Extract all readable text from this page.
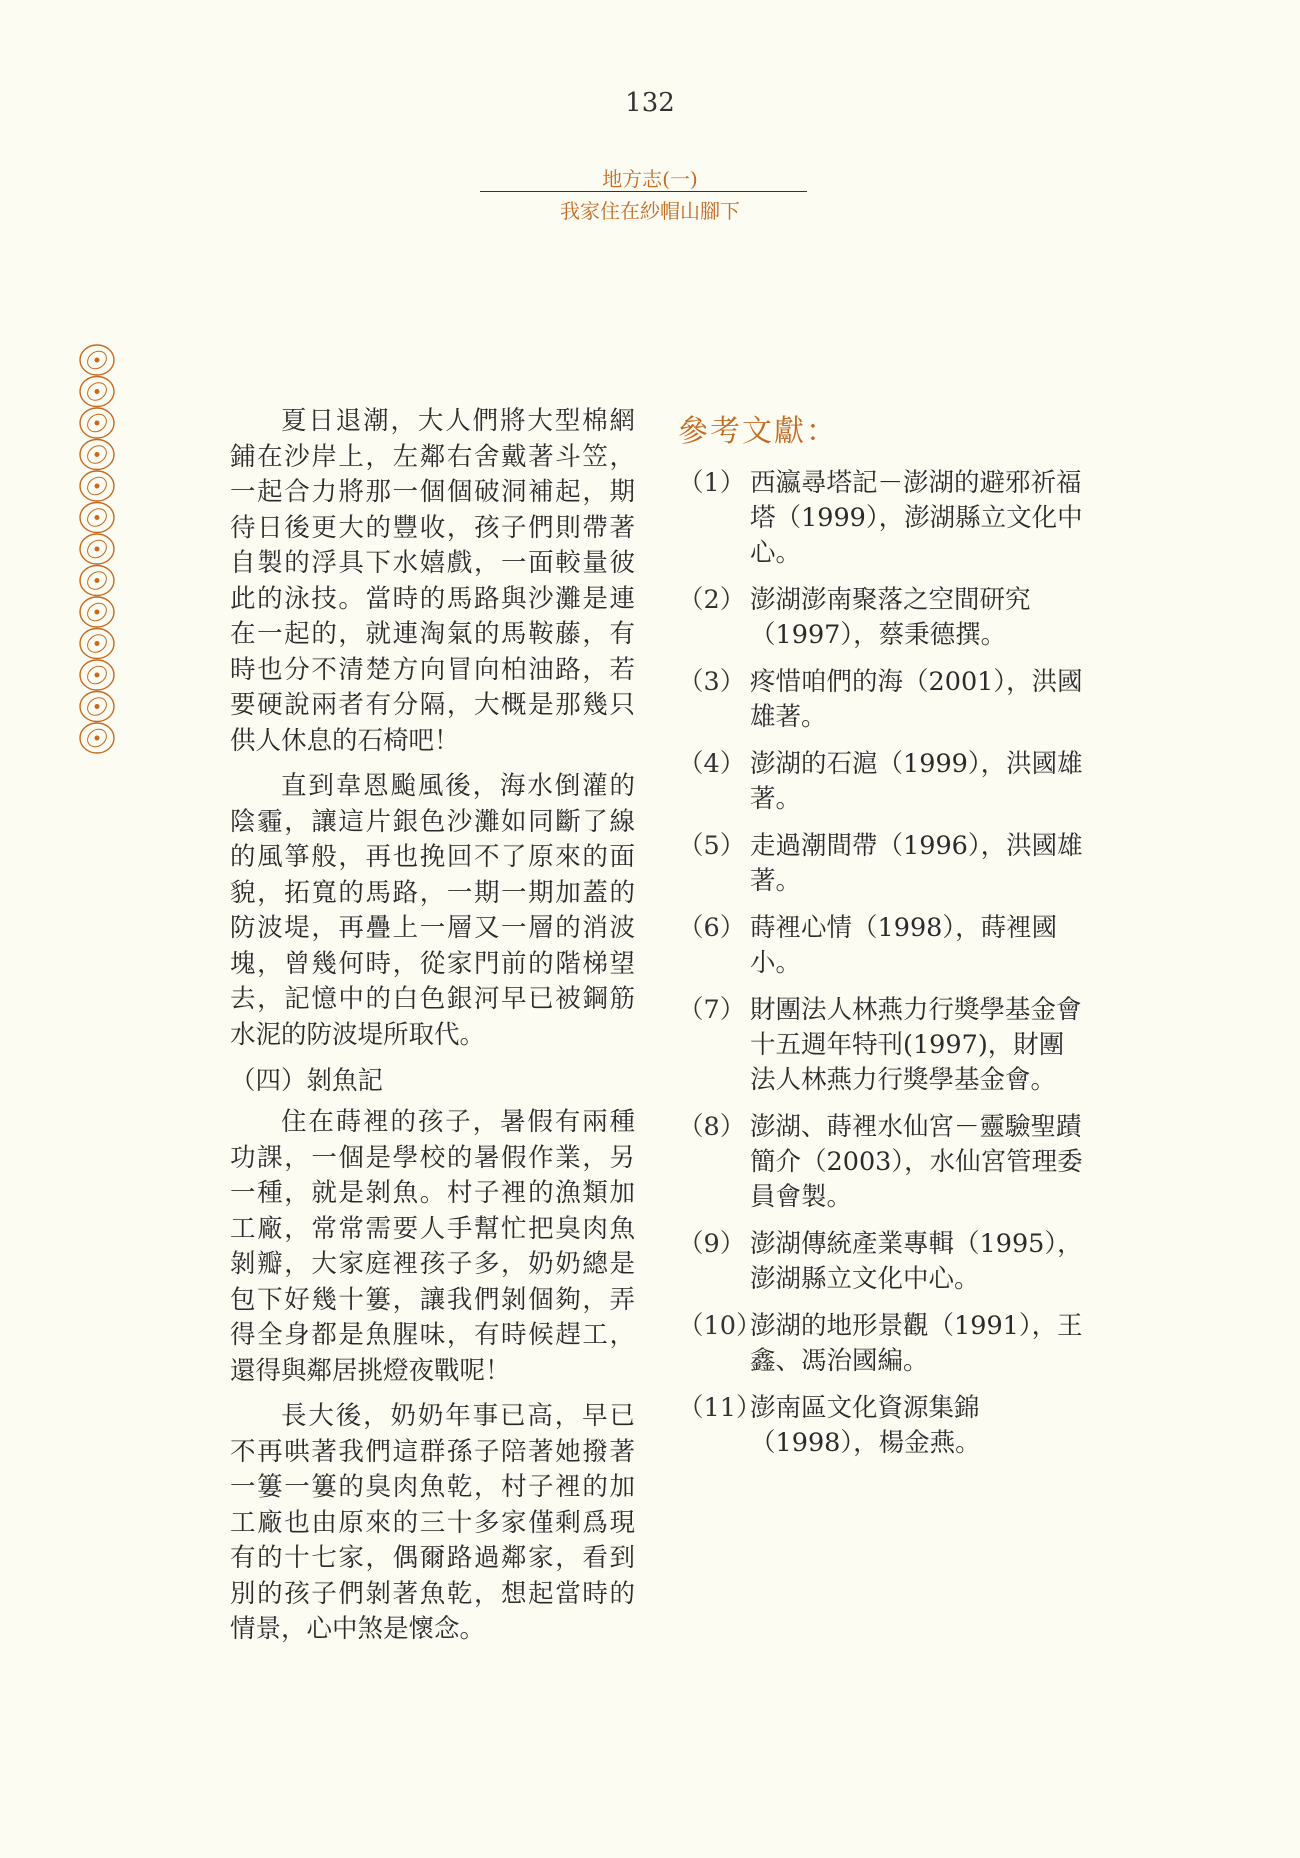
132
地方志(一)
我家住在紗帽山腳下

夏日退潮，大人們將大型棉網鋪在沙岸上，左鄰右舍戴著斗笠，一起合力將那一個個破洞補起，期待日後更大的豐收，孩子們則帶著自製的浮具下水嬉戲，一面較量彼此的泳技。當時的馬路與沙灘是連在一起的，就連淘氣的馬鞍藤，有時也分不清楚方向冒向柏油路，若要硬說兩者有分隔，大概是那幾只供人休息的石椅吧！

直到韋恩颱風後，海水倒灌的陰霾，讓這片銀色沙灘如同斷了線的風箏般，再也挽回不了原來的面貌，拓寬的馬路，一期一期加蓋的防波堤，再疊上一層又一層的消波塊，曾幾何時，從家門前的階梯望去，記憶中的白色銀河早已被鋼筋水泥的防波堤所取代。

（四）剝魚記

住在蒔裡的孩子，暑假有兩種功課，一個是學校的暑假作業，另一種，就是剝魚。村子裡的漁類加工廠，常常需要人手幫忙把臭肉魚剝瓣，大家庭裡孩子多，奶奶總是包下好幾十簍，讓我們剝個夠，弄得全身都是魚腥味，有時候趕工，還得與鄰居挑燈夜戰呢！

長大後，奶奶年事已高，早已不再哄著我們這群孫子陪著她撥著一簍一簍的臭肉魚乾，村子裡的加工廠也由原來的三十多家僅剩爲現有的十七家，偶爾路過鄰家，看到別的孩子們剝著魚乾，想起當時的情景，心中煞是懷念。

參考文獻：
（1） 西瀛尋塔記－澎湖的避邪祈福塔（1999），澎湖縣立文化中心。
（2） 澎湖澎南聚落之空間研究（1997），蔡秉德撰。
（3） 疼惜咱們的海（2001），洪國雄著。
（4） 澎湖的石滬（1999），洪國雄著。
（5） 走過潮間帶（1996），洪國雄著。
（6） 蒔裡心情（1998），蒔裡國小。
（7） 財團法人林燕力行獎學基金會十五週年特刊(1997)，財團法人林燕力行獎學基金會。
（8） 澎湖、蒔裡水仙宮－靈驗聖蹟簡介（2003），水仙宮管理委員會製。
（9） 澎湖傳統產業專輯（1995），澎湖縣立文化中心。
（10）
澎湖的地形景觀（1991），王鑫、馮治國編。
（11）
澎南區文化資源集錦（1998），楊金燕。
